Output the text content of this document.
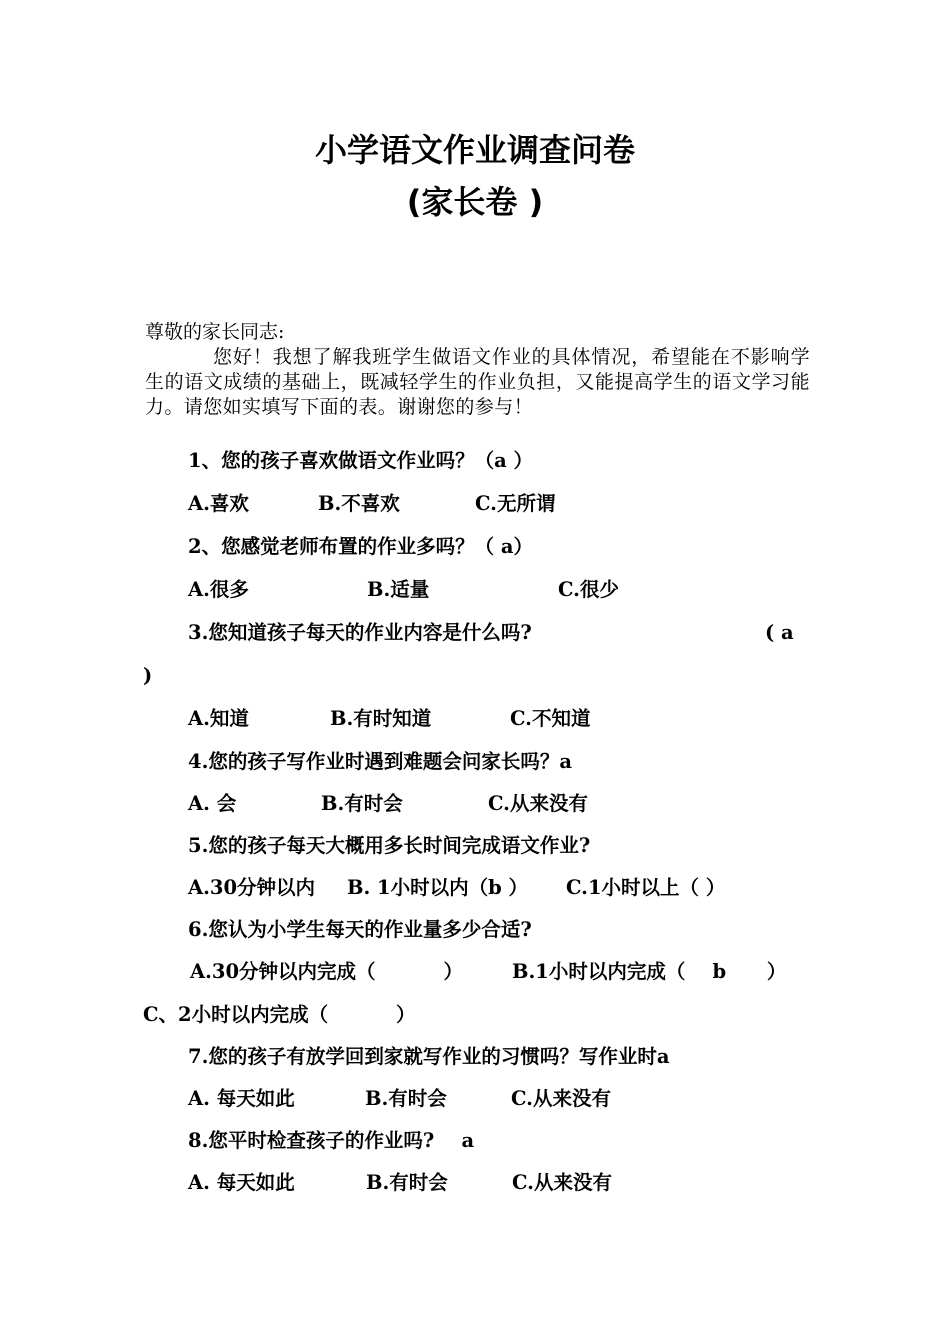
小学语文作业调查问卷
(家长卷 )
尊敬的家长同志:
您好！我想了解我班学生做语文作业的具体情况，希望能在不影响学生的语文成绩的基础上，既减轻学生的作业负担，又能提高学生的语文学习能力。请您如实填写下面的表。谢谢您的参与！
1、您的孩子喜欢做语文作业吗？（a ）
A.喜欢	B.不喜欢	C.无所谓
2、您感觉老师布置的作业多吗？（ a）
A.很多	B.适量	C.很少
3.您知道孩子每天的作业内容是什么吗?	( a
)
A.知道	B.有时知道	C.不知道
4.您的孩子写作业时遇到难题会问家长吗？a
A. 会	B.有时会	C.从来没有
5.您的孩子每天大概用多长时间完成语文作业?
A.30分钟以内 B. 1小时以内（b ） C.1小时以上（ ）
6.您认为小学生每天的作业量多少合适?
A.30分钟以内完成（          ）	B.1小时以内完成（    b      ）
C、2小时以内完成（          ）
7.您的孩子有放学回到家就写作业的习惯吗？写作业时a
A. 每天如此	B.有时会	C.从来没有
8.您平时检查孩子的作业吗?    a
A. 每天如此	B.有时会	C.从来没有
